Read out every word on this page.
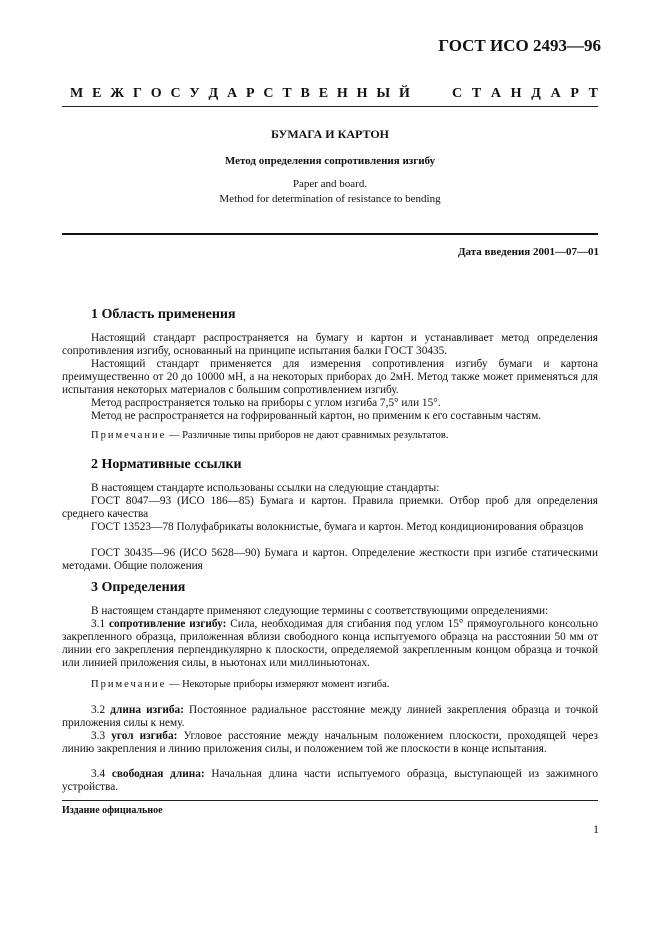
ГОСТ ИСО 2493—96
М Е Ж Г О С У Д А Р С Т В Е Н Н Ы Й	С Т А Н Д А Р Т
БУМАГА И КАРТОН
Метод определения сопротивления изгибу
Paper and board.
Method for determination of resistance to bending
Дата введения 2001—07—01
1 Область применения
Настоящий стандарт распространяется на бумагу и картон и устанавливает метод определения сопротивления изгибу, основанный на принципе испытания балки ГОСТ 30435.
Настоящий стандарт применяется для измерения сопротивления изгибу бумаги и картона преимущественно от 20 до 10000 мН, а на некоторых приборах до 2мН. Метод также может применяться для испытания некоторых материалов с большим сопротивлением изгибу.
Метод распространяется только на приборы с углом изгиба 7,5° или 15°.
Метод не распространяется на гофрированный картон, но применим к его составным частям.
Примечание — Различные типы приборов не дают сравнимых результатов.
2 Нормативные ссылки
В настоящем стандарте использованы ссылки на следующие стандарты:
ГОСТ 8047—93 (ИСО 186—85) Бумага и картон. Правила приемки. Отбор проб для определения среднего качества
ГОСТ 13523—78 Полуфабрикаты волокнистые, бумага и картон. Метод кондиционирования образцов
ГОСТ 30435—96 (ИСО 5628—90) Бумага и картон. Определение жесткости при изгибе статическими методами. Общие положения
3 Определения
В настоящем стандарте применяют следующие термины с соответствующими определениями:
3.1 сопротивление изгибу: Сила, необходимая для сгибания под углом 15° прямоугольного консольно закрепленного образца, приложенная вблизи свободного конца испытуемого образца на расстоянии 50 мм от линии его закрепления перпендикулярно к плоскости, определяемой закрепленным концом образца и точкой или линией приложения силы, в ньютонах или миллиньютонах.
Примечание — Некоторые приборы измеряют момент изгиба.
3.2 длина изгиба: Постоянное радиальное расстояние между линией закрепления образца и точкой приложения силы к нему.
3.3 угол изгиба: Угловое расстояние между начальным положением плоскости, проходящей через линию закрепления и линию приложения силы, и положением той же плоскости в конце испытания.
3.4 свободная длина: Начальная длина части испытуемого образца, выступающей из зажимного устройства.
Издание официальное
1
